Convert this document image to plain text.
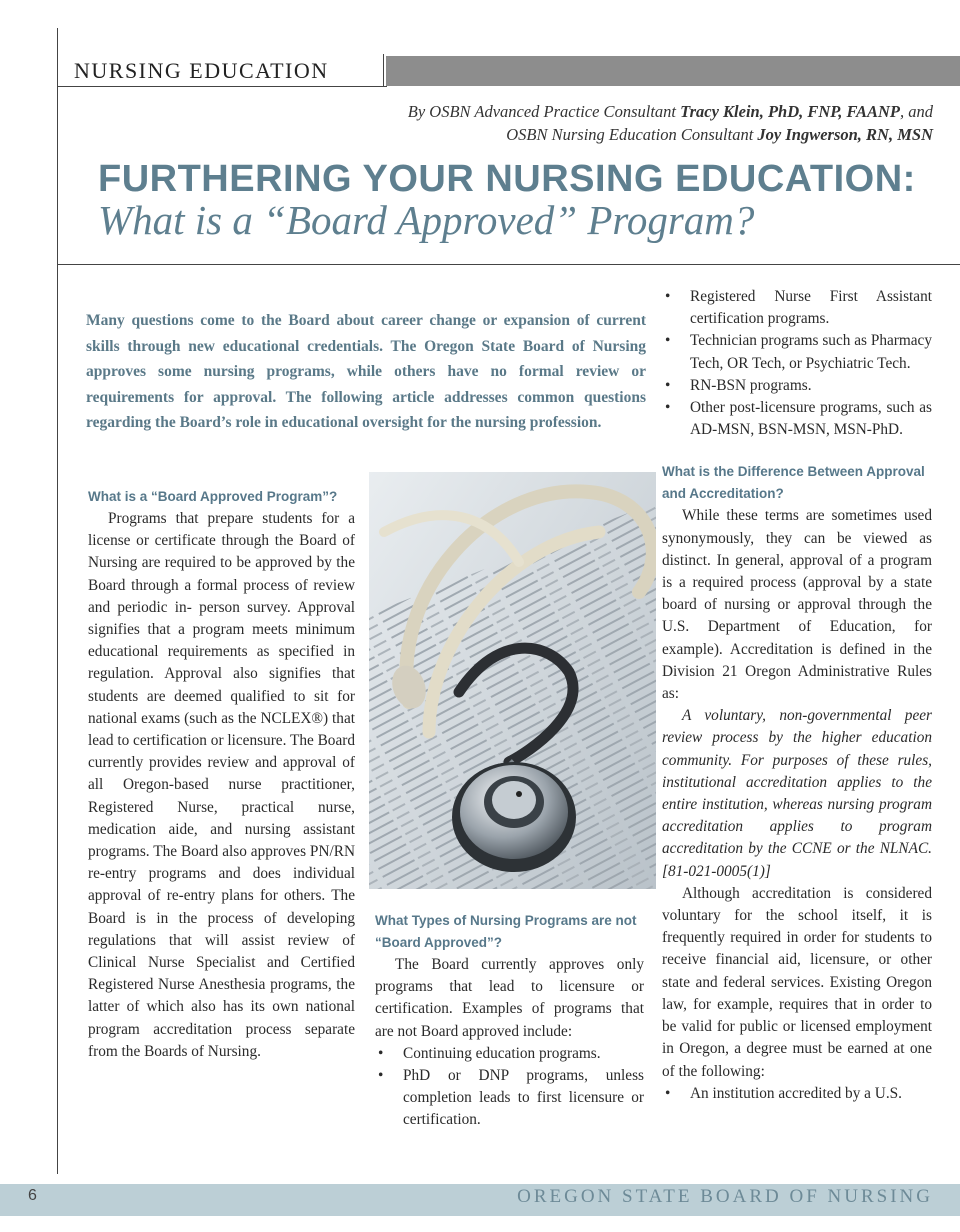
NURSING EDUCATION
By OSBN Advanced Practice Consultant Tracy Klein, PhD, FNP, FAANP, and
OSBN Nursing Education Consultant Joy Ingwerson, RN, MSN
FURTHERING YOUR NURSING EDUCATION:
What is a “Board Approved” Program?
Many questions come to the Board about career change or expansion of current skills through new educational credentials. The Oregon State Board of Nursing approves some nursing programs, while others have no formal review or requirements for approval. The following article addresses common questions regarding the Board’s role in educational oversight for the nursing profession.
What is a “Board Approved Program”?

Programs that prepare students for a license or certificate through the Board of Nursing are required to be approved by the Board through a formal process of review and periodic in- person survey. Approval signifies that a program meets minimum educational requirements as specified in regulation. Approval also signifies that students are deemed qualified to sit for national exams (such as the NCLEX®) that lead to certification or licensure. The Board currently provides review and approval of all Oregon-based nurse practitioner, Registered Nurse, practical nurse, medication aide, and nursing assistant programs. The Board also approves PN/RN re-entry programs and does individual approval of re-entry plans for others. The Board is in the process of developing regulations that will assist review of Clinical Nurse Specialist and Certified Registered Nurse Anesthesia programs, the latter of which also has its own national program accreditation process separate from the Boards of Nursing.

What Types of Nursing Programs are not “Board Approved”?

The Board currently approves only programs that lead to licensure or certification. Examples of programs that are not Board approved include:

• Continuing education programs.
• PhD or DNP programs, unless completion leads to first licensure or certification.
• Registered Nurse First Assistant certification programs.
• Technician programs such as Pharmacy Tech, OR Tech, or Psychiatric Tech.
• RN-BSN programs.
• Other post-licensure programs, such as AD-MSN, BSN-MSN, MSN-PhD.
What is the Difference Between Approval and Accreditation?

While these terms are sometimes used synonymously, they can be viewed as distinct. In general, approval of a program is a required process (approval by a state board of nursing or approval through the U.S. Department of Education, for example). Accreditation is defined in the Division 21 Oregon Administrative Rules as:

A voluntary, non-governmental peer review process by the higher education community. For purposes of these rules, institutional accreditation applies to the entire institution, whereas nursing program accreditation applies to program accreditation by the CCNE or the NLNAC. [81-021-0005(1)]

Although accreditation is considered voluntary for the school itself, it is frequently required in order for students to receive financial aid, licensure, or other state and federal services. Existing Oregon law, for example, requires that in order to be valid for public or licensed employment in Oregon, a degree must be earned at one of the following:

• An institution accredited by a U.S.
6	OREGON STATE BOARD OF NURSING
